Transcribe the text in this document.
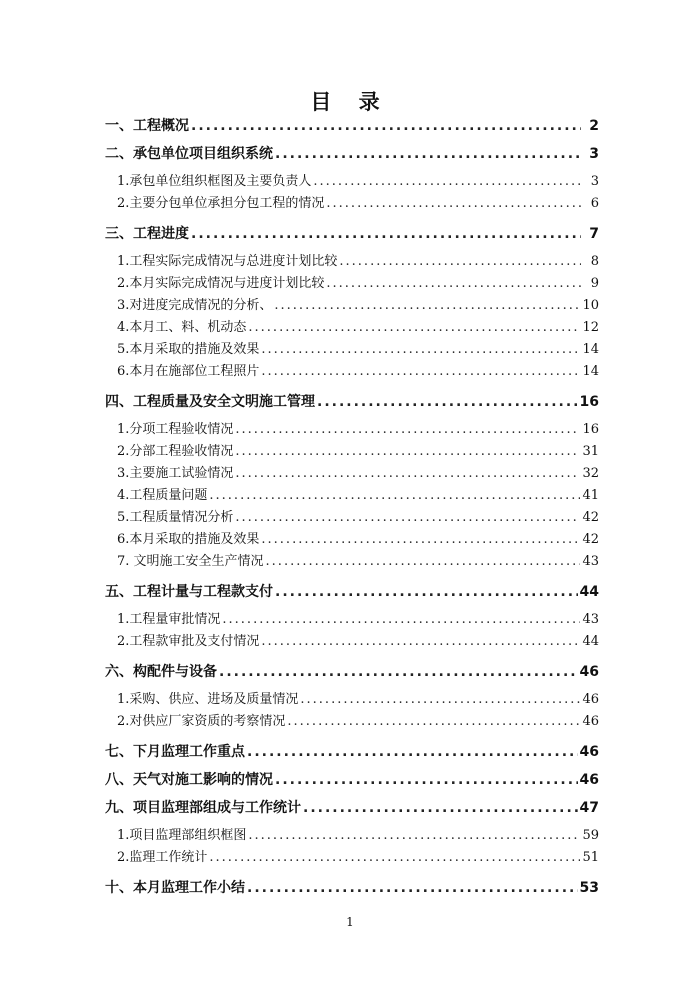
目 录
一、工程概况 .....	2
二、承包单位项目组织系统 .....	3
1.承包单位组织框图及主要负责人 .....	3
2.主要分包单位承担分包工程的情况 .....	6
三、工程进度 .....	7
1.工程实际完成情况与总进度计划比较 .....	8
2.本月实际完成情况与进度计划比较 .....	9
3.对进度完成情况的分析、 .....	10
4.本月工、料、机动态 .....	12
5.本月采取的措施及效果 .....	14
6.本月在施部位工程照片 .....	14
四、工程质量及安全文明施工管理 .....	16
1.分项工程验收情况 .....	16
2.分部工程验收情况 .....	31
3.主要施工试验情况 .....	32
4.工程质量问题 .....	41
5.工程质量情况分析 .....	42
6.本月采取的措施及效果 .....	42
7. 文明施工安全生产情况 .....	43
五、工程计量与工程款支付 .....	44
1.工程量审批情况 .....	43
2.工程款审批及支付情况 .....	44
六、构配件与设备 .....	46
1.采购、供应、进场及质量情况 .....	46
2.对供应厂家资质的考察情况 .....	46
七、下月监理工作重点 .....	46
八、天气对施工影响的情况 .....	46
九、项目监理部组成与工作统计 .....	47
1.项目监理部组织框图 .....	59
2.监理工作统计 .....	51
十、本月监理工作小结 .....	53
1
